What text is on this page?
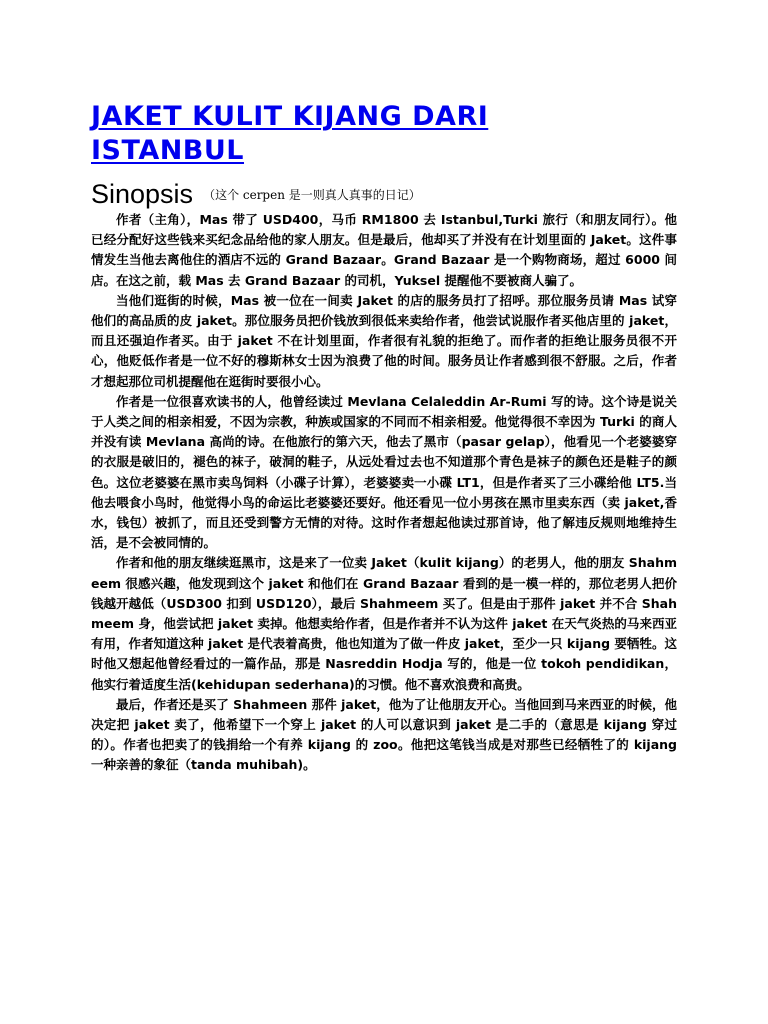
JAKET KULIT KIJANG DARI ISTANBUL
Sinopsis $^{(这个 cerpen 是一则真人真事的日记)}$

作者（主角），Mas 带了 USD400，马币 RM1800 去 Istanbul,Turki 旅行（和朋友同行）。他已经分配好这些钱来买纪念品给他的家人朋友。但是最后，他却买了并没有在计划里面的 Jaket。这件事情发生当他去离他住的酒店不远的 Grand Bazaar。Grand Bazaar 是一个购物商场，超过 6000 间店。在这之前，载 Mas 去 Grand Bazaar 的司机，Yuksel 提醒他不要被商人骗了。

当他们逛街的时候，Mas 被一位在一间卖 Jaket 的店的服务员打了招呼。那位服务员请 Mas 试穿他们的高品质的皮 jaket。那位服务员把价钱放到很低来卖给作者，他尝试说服作者买他店里的 jaket，而且还强迫作者买。由于 jaket 不在计划里面，作者很有礼貌的拒绝了。而作者的拒绝让服务员很不开心，他贬低作者是一位不好的穆斯林女士因为浪费了他的时间。服务员让作者感到很不舒服。之后，作者才想起那位司机提醒他在逛街时要很小心。

作者是一位很喜欢读书的人，他曾经读过 Mevlana Celaleddin Ar-Rumi 写的诗。这个诗是说关于人类之间的相亲相爱，不因为宗教，种族或国家的不同而不相亲相爱。他觉得很不幸因为 Turki 的商人并没有读 Mevlana 高尚的诗。在他旅行的第六天，他去了黑市（pasar gelap），他看见一个老婆婆穿的衣服是破旧的，褪色的袜子，破洞的鞋子，从远处看过去也不知道那个青色是袜子的颜色还是鞋子的颜色。这位老婆婆在黑市卖鸟饲料（小碟子计算），老婆婆卖一小碟 LT1，但是作者买了三小碟给他 LT5.当他去喂食小鸟时，他觉得小鸟的命运比老婆婆还要好。他还看见一位小男孩在黑市里卖东西（卖 jaket,香水，钱包）被抓了，而且还受到警方无情的对待。这时作者想起他读过那首诗，他了解违反规则地维持生活，是不会被同情的。

作者和他的朋友继续逛黑市，这是来了一位卖 Jaket（kulit kijang）的老男人，他的朋友 Shahmeem 很感兴趣，他发现到这个 jaket 和他们在 Grand Bazaar 看到的是一模一样的，那位老男人把价钱越开越低（USD300 扣到 USD120），最后 Shahmeem 买了。但是由于那件 jaket 并不合 Shahmeem 身，他尝试把 jaket 卖掉。他想卖给作者，但是作者并不认为这件 jaket 在天气炎热的马来西亚有用，作者知道这种 jaket 是代表着高贵，他也知道为了做一件皮 jaket，至少一只 kijang 要牺牲。这时他又想起他曾经看过的一篇作品，那是 Nasreddin Hodja 写的，他是一位 tokoh pendidikan，他实行着适度生活(kehidupan sederhana)的习惯。他不喜欢浪费和高贵。

最后，作者还是买了 Shahmeen 那件 jaket，他为了让他朋友开心。当他回到马来西亚的时候，他决定把 jaket 卖了，他希望下一个穿上 jaket 的人可以意识到 jaket 是二手的（意思是 kijang 穿过的）。作者也把卖了的钱捐给一个有养 kijang 的 zoo。他把这笔钱当成是对那些已经牺牲了的 kijang 一种亲善的象征（tanda muhibah)。
